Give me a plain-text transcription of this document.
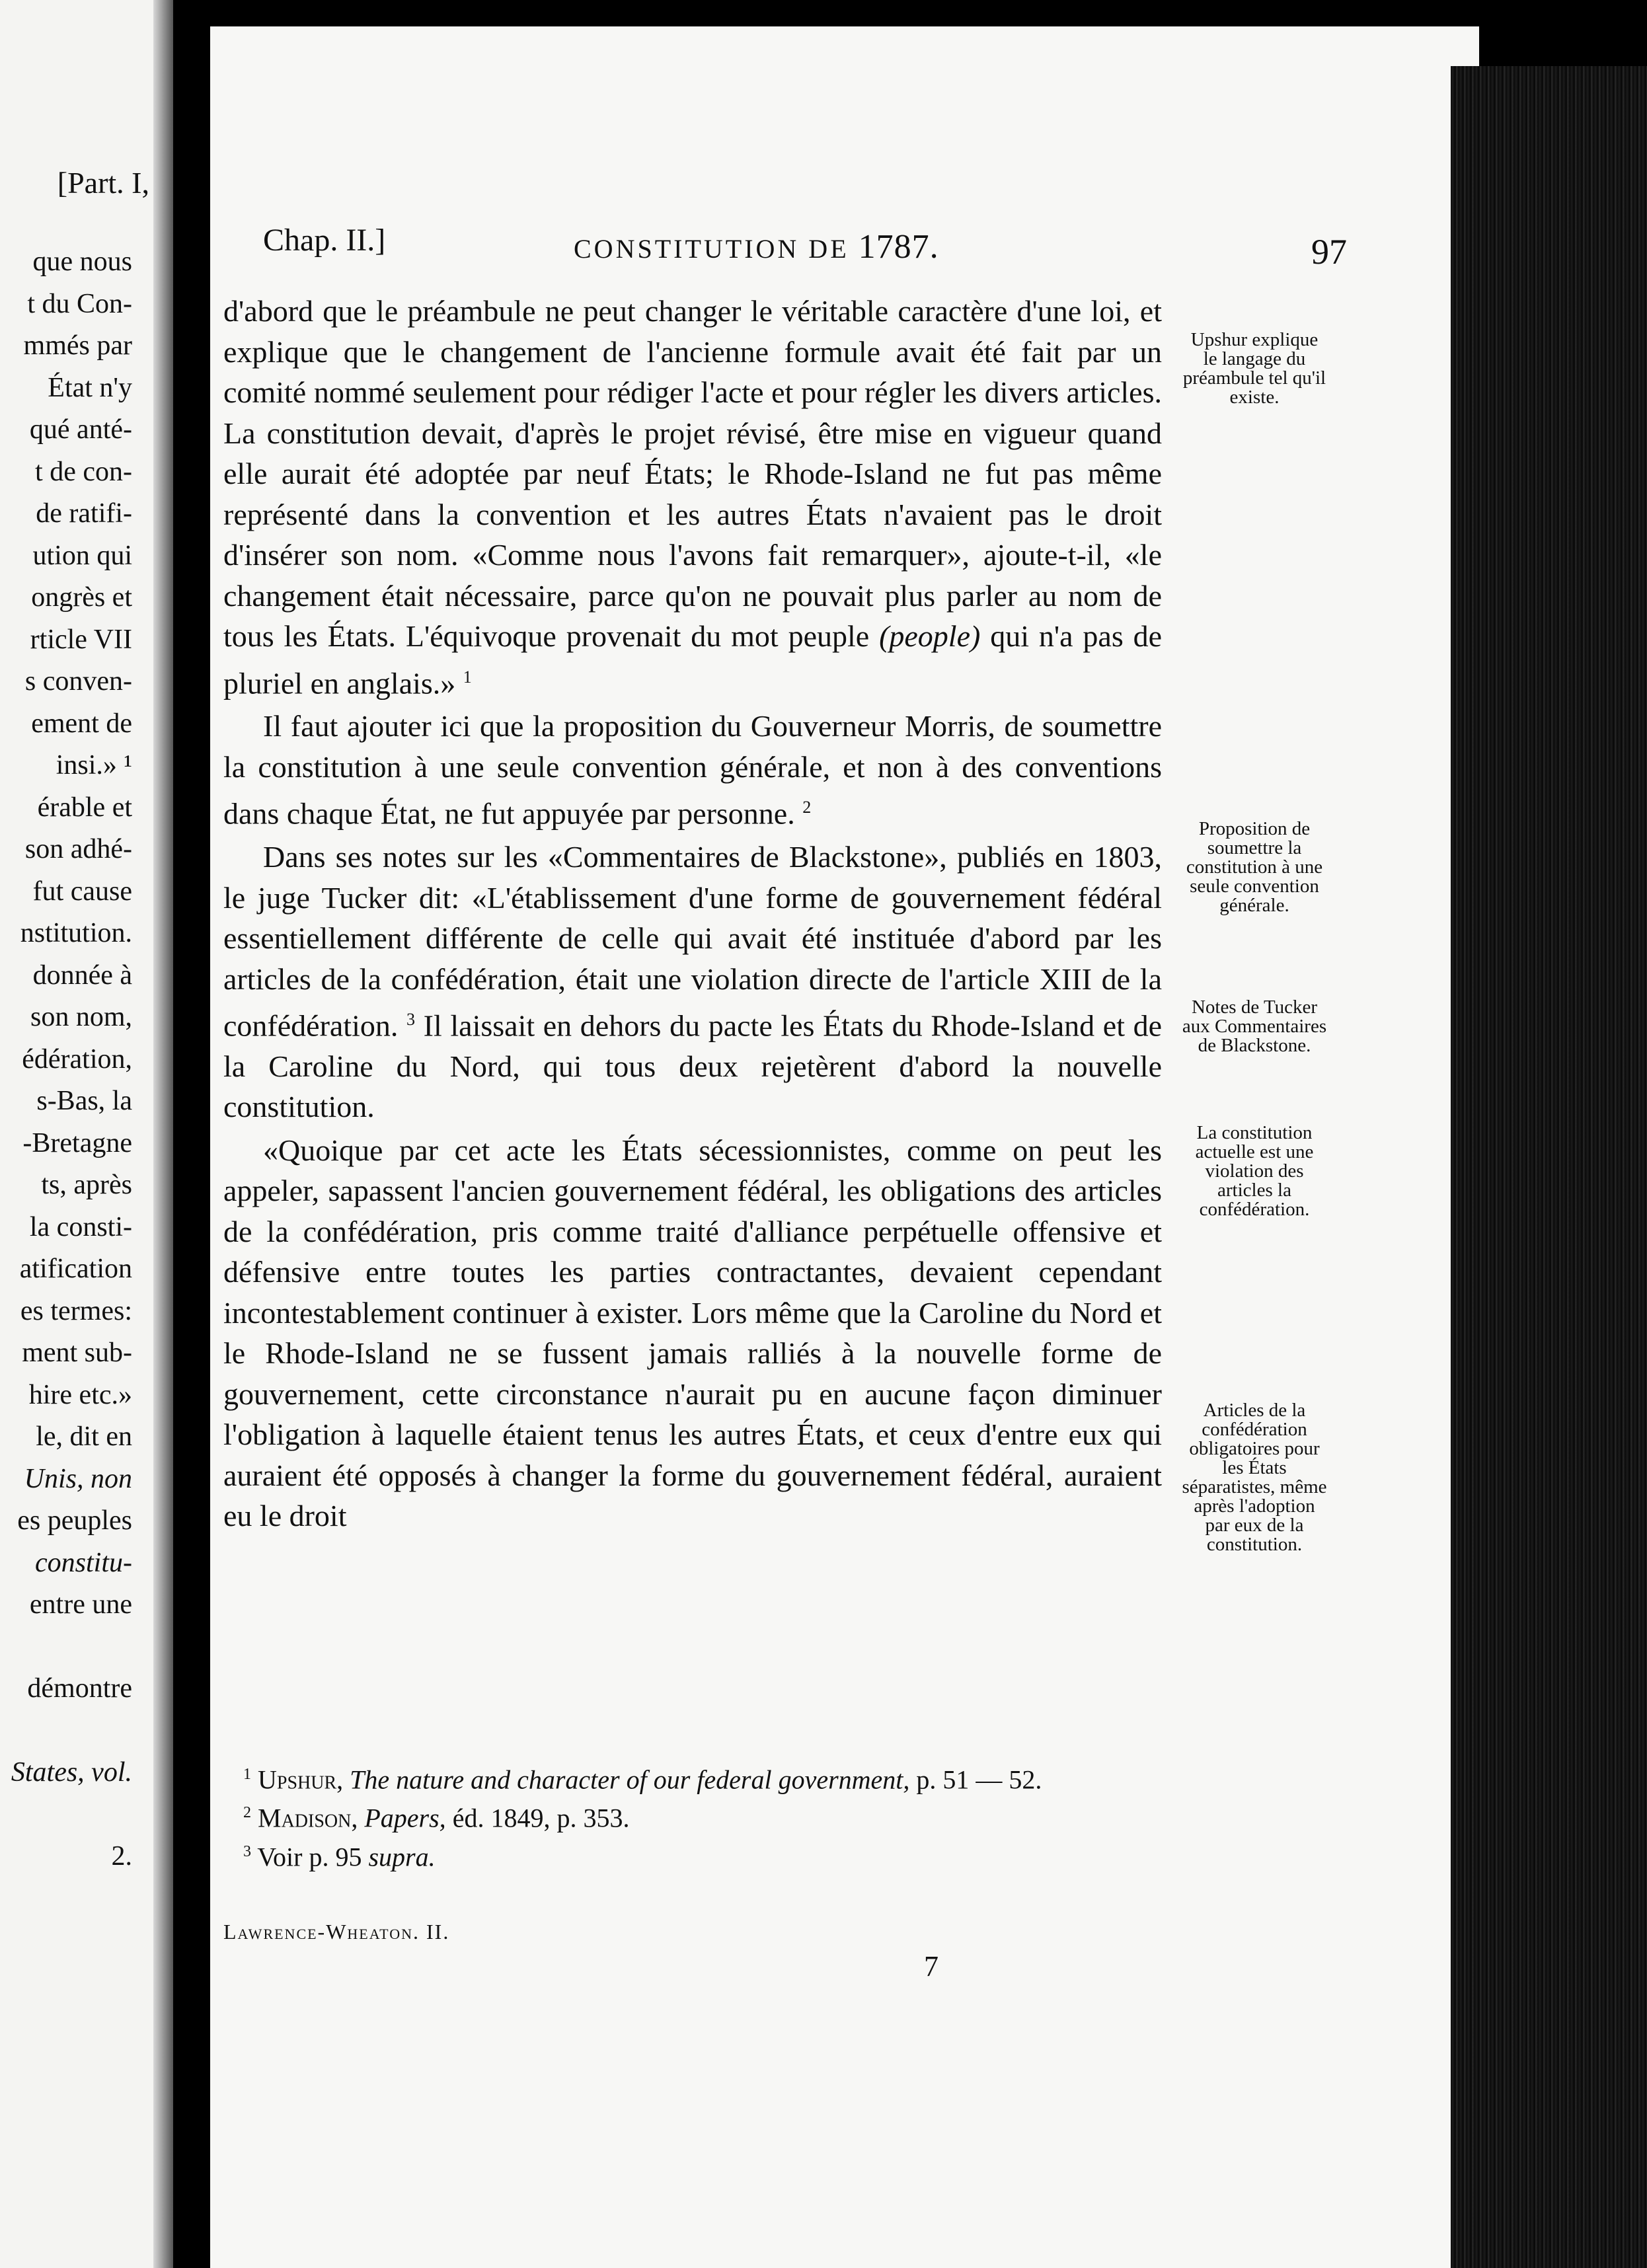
[Part. I,
que nous
t du Con-
mmés par
État n'y
qué anté-
t de con-
de ratifi-
ution qui
ongrès et
rticle VII
s conven-
ement de
insi.» ¹
érable et
son adhé-
fut cause
nstitution.
donnée à
son nom,
édération,
s-Bas, la
-Bretagne
ts, après
la consti-
atification
es termes:
ment sub-
hire etc.»
le, dit en
Unis, non
es peuples
constitu-
entre une
démontre
States, vol.
2.
Chap. II.]	CONSTITUTION DE 1787.	97

d'abord que le préambule ne peut changer le véritable caractère d'une loi, et explique que le changement de l'ancienne formule avait été fait par un comité nommé seulement pour rédiger l'acte et pour régler les divers articles. La constitution devait, d'après le projet révisé, être mise en vigueur quand elle aurait été adoptée par neuf États; le Rhode-Island ne fut pas même représenté dans la convention et les autres États n'avaient pas le droit d'insérer son nom. «Comme nous l'avons fait remarquer», ajoute-t-il, «le changement était nécessaire, parce qu'on ne pouvait plus parler au nom de tous les États. L'équivoque provenait du mot peuple (people) qui n'a pas de pluriel en anglais.» $^1$

Il faut ajouter ici que la proposition du Gouverneur Morris, de soumettre la constitution à une seule convention générale, et non à des conventions dans chaque État, ne fut appuyée par personne. $^2$

Dans ses notes sur les «Commentaires de Blackstone», publiés en 1803, le juge Tucker dit: «L'établissement d'une forme de gouvernement fédéral essentiellement différente de celle qui avait été instituée d'abord par les articles de la confédération, était une violation directe de l'article XIII de la confédération. $^3$ Il laissait en dehors du pacte les États du Rhode-Island et de la Caroline du Nord, qui tous deux rejetèrent d'abord la nouvelle constitution.

«Quoique par cet acte les États sécessionnistes, comme on peut les appeler, sapassent l'ancien gouvernement fédéral, les obligations des articles de la confédération, pris comme traité d'alliance perpétuelle offensive et défensive entre toutes les parties contractantes, devaient cependant incontestablement continuer à exister. Lors même que la Caroline du Nord et le Rhode-Island ne se fussent jamais ralliés à la nouvelle forme de gouvernement, cette circonstance n'aurait pu en aucune façon diminuer l'obligation à laquelle étaient tenus les autres États, et ceux d'entre eux qui auraient été opposés à changer la forme du gouvernement fédéral, auraient eu le droit

Upshur explique le langage du préambule tel qu'il existe.
Proposition de soumettre la constitution à une seule convention générale.
Notes de Tucker aux Commentaires de Blackstone.
La constitution actuelle est une violation des articles la confédération.
Articles de la confédération obligatoires pour les États séparatistes, même après l'adoption par eux de la constitution.

$^1$ Upshur, The nature and character of our federal government, p. 51 — 52.

$^2$ Madison, Papers, éd. 1849, p. 353.

$^3$ Voir p. 95 supra.

Lawrence-Wheaton. II.
7
